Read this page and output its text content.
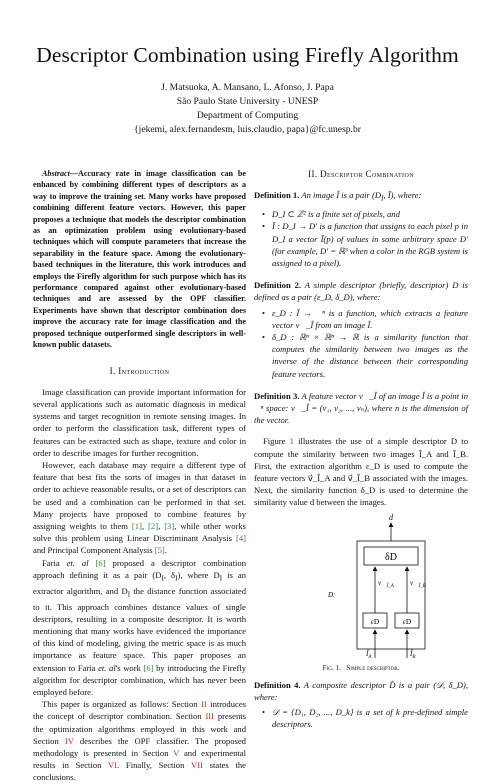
Descriptor Combination using Firefly Algorithm
J. Matsuoka, A. Mansano, L. Afonso, J. Papa
São Paulo State University - UNESP
Department of Computing
{jekemi, alex.fernandesm, luis.claudio, papa}@fc.unesp.br

Abstract—Accuracy rate in image classification can be enhanced by combining different types of descriptors as a way to improve the training set. Many works have proposed combining different feature vectors. However, this paper proposes a technique that models the descriptor combination as an optimization problem using evolutionary-based techniques which will compute parameters that increase the separability in the feature space. Among the evolutionary-based techniques in the literature, this work introduces and employs the Firefly algorithm for such purpose which has its performance compared against other evolutionary-based techniques and are assessed by the OPF classifier. Experiments have shown that descriptor combination does improve the accuracy rate for image classification and the proposed technique outperformed single descriptors in well-known public datasets.

I. Introduction

Image classification can provide important information for several applications such as automatic diagnosis in medical systems and target recognition in remote sensing images. In order to perform the classification task, different types of features can be extracted such as shape, texture and color in order to describe images for further recognition.

However, each database may require a different type of feature that best fits the sorts of images in that dataset in order to achieve reasonable results, or a set of descriptors can be used and a combination can be performed in that set. Many projects have proposed to combine features by assigning weights to them [1], [2], [3], while other works solve this problem using Linear Discriminant Analysis [4] and Principal Component Analysis [5].

Faria et. al [6] proposed a descriptor combination approach defining it as a pair ($D_I$, $\delta_I$), where $D_I$ is an extractor algorithm, and $D_I$ the distance function associated to it. This approach combines distance values of single descriptors, resulting in a composite descriptor. It is worth mentioning that many works have evidenced the importance of this kind of modeling, giving the metric space is as much importance as feature space. This paper proposes an extension to Faria et. al's work [6] by introducing the Firefly algorithm for descriptor combination, which has never been employed before.

This paper is organized as follows: Section II introduces the concept of descriptor combination. Section III presents the optimization algorithms employed in this work and Section IV describes the OPF classifier. The proposed methodology is presented in Section V and experimental results in Section VI. Finally, Section VII states the conclusions.

II. Descriptor Combination
Definition 1. An image Î is a pair ($D_I$, Ĩ), where:
• D_I ⊂ ℤ² is a finite set of pixels, and
• Ĩ : D_I → D′ is a function that assigns to each pixel p in D_I a vector Ĩ(p) of values in some arbitrary space D′ (for example, D′ = ℝ³ when a color in the RGB system is assigned to a pixel).
Definition 2. A simple descriptor (briefly, descriptor) D is defined as a pair (ε_D, δ_D), where:
• ε_D : Î → ℝⁿ is a function, which extracts a feature vector v⃗_Î from an image Î.
• δ_D : ℝⁿ × ℝⁿ → ℝ is a similarity function that computes the similarity between two images as the inverse of the distance between their corresponding feature vectors.
Definition 3. A feature vector v⃗_Î of an image Î is a point in ℝⁿ space: v⃗_Î = (v₁, v₂, ..., vₙ), where n is the dimension of the vector.

Figure 1 illustrates the use of a simple descriptor D to compute the similarity between two images Î_A and Î_B. First, the extraction algorithm ε_D is used to compute the feature vectors v⃗_Î_A and v⃗_Î_B associated with the images. Next, the similarity function δ_D is used to determine the similarity value d between the images.

d
δD
D:
$v⃗_{Î\_A}$ $v⃗_{Î\_B}$
εD	εD
$Î_A$	$Î_B$
Fig. 1. Simple descriptor.
Definition 4. A composite descriptor D̂ is a pair (𝒟, δ_D), where:
• 𝒟 = {D₁, D₂, ..., D_k} is a set of k pre-defined simple descriptors.
